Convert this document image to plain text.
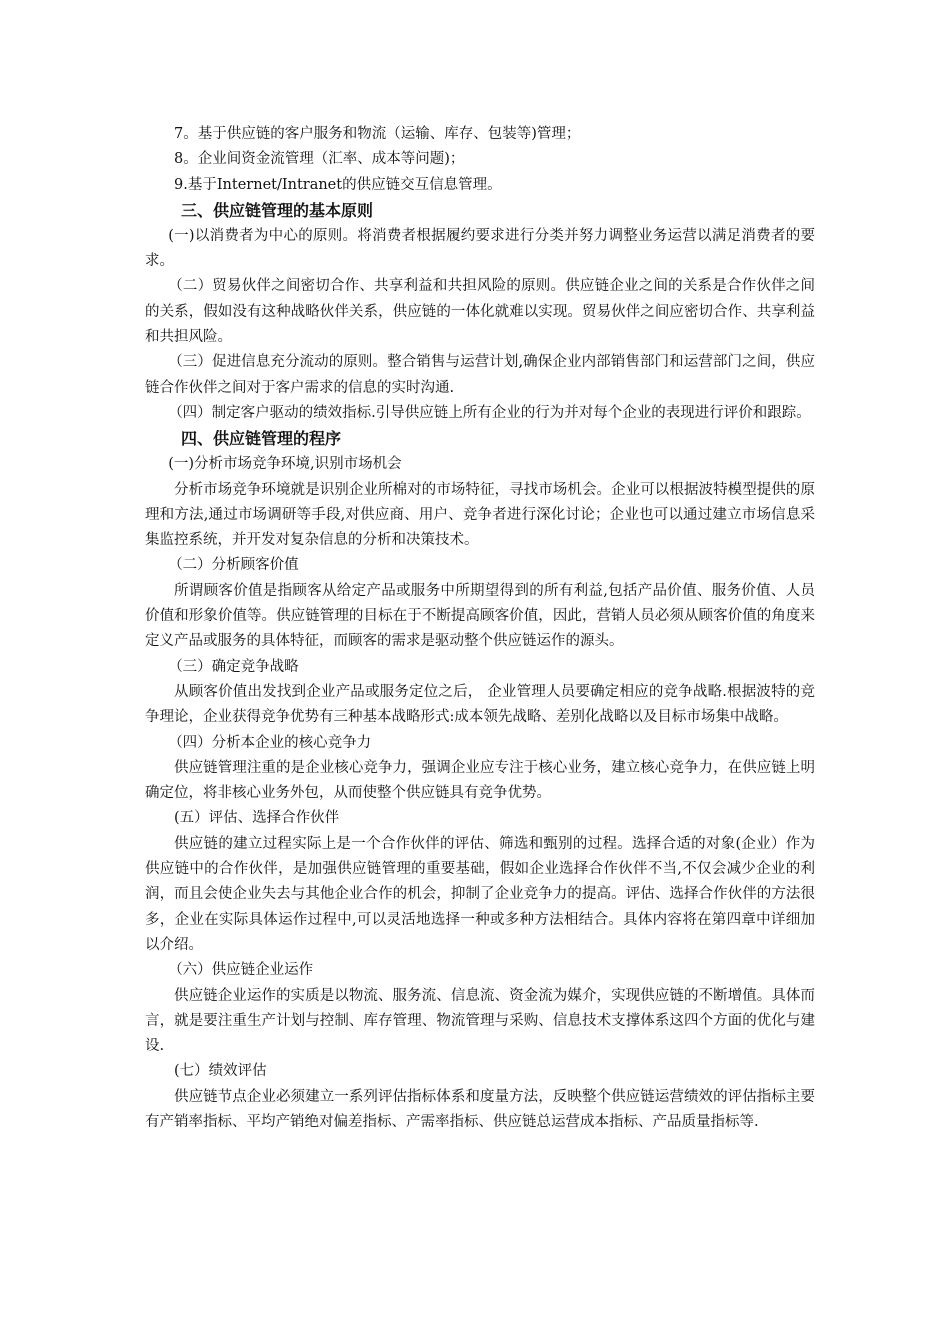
7。基于供应链的客户服务和物流（运输、库存、包装等)管理；

8。企业间资金流管理（汇率、成本等问题)；

9.基于Internet/Intranet的供应链交互信息管理。

三、供应链管理的基本原则

(一)以消费者为中心的原则。将消费者根据履约要求进行分类并努力调整业务运营以满足消费者的要求。

（二）贸易伙伴之间密切合作、共享利益和共担风险的原则。供应链企业之间的关系是合作伙伴之间的关系，假如没有这种战略伙伴关系，供应链的一体化就难以实现。贸易伙伴之间应密切合作、共享利益和共担风险。

（三）促进信息充分流动的原则。整合销售与运营计划,确保企业内部销售部门和运营部门之间，供应链合作伙伴之间对于客户需求的信息的实时沟通.

（四）制定客户驱动的绩效指标.引导供应链上所有企业的行为并对每个企业的表现进行评价和跟踪。

四、供应链管理的程序

(一)分析市场竞争环境,识别市场机会

分析市场竞争环境就是识别企业所棉对的市场特征，寻找市场机会。企业可以根据波特模型提供的原理和方法,通过市场调研等手段,对供应商、用户、竞争者进行深化讨论；企业也可以通过建立市场信息采集监控系统，并开发对复杂信息的分析和决策技术。

（二）分析顾客价值

所谓顾客价值是指顾客从给定产品或服务中所期望得到的所有利益,包括产品价值、服务价值、人员价值和形象价值等。供应链管理的目标在于不断提高顾客价值，因此，营销人员必须从顾客价值的角度来定义产品或服务的具体特征，而顾客的需求是驱动整个供应链运作的源头。

（三）确定竞争战略

从顾客价值出发找到企业产品或服务定位之后， 企业管理人员要确定相应的竞争战略.根据波特的竞争理论，企业获得竞争优势有三种基本战略形式:成本领先战略、差别化战略以及目标市场集中战略。

（四）分析本企业的核心竞争力

供应链管理注重的是企业核心竞争力，强调企业应专注于核心业务，建立核心竞争力，在供应链上明确定位，将非核心业务外包，从而使整个供应链具有竞争优势。

(五）评估、选择合作伙伴

供应链的建立过程实际上是一个合作伙伴的评估、筛选和甄别的过程。选择合适的对象(企业）作为供应链中的合作伙伴，是加强供应链管理的重要基础，假如企业选择合作伙伴不当,不仅会减少企业的利润，而且会使企业失去与其他企业合作的机会，抑制了企业竞争力的提高。评估、选择合作伙伴的方法很多，企业在实际具体运作过程中,可以灵活地选择一种或多种方法相结合。具体内容将在第四章中详细加以介绍。

（六）供应链企业运作

供应链企业运作的实质是以物流、服务流、信息流、资金流为媒介，实现供应链的不断增值。具体而言，就是要注重生产计划与控制、库存管理、物流管理与采购、信息技术支撑体系这四个方面的优化与建设.

(七）绩效评估

供应链节点企业必须建立一系列评估指标体系和度量方法，反映整个供应链运营绩效的评估指标主要有产销率指标、平均产销绝对偏差指标、产需率指标、供应链总运营成本指标、产品质量指标等.
